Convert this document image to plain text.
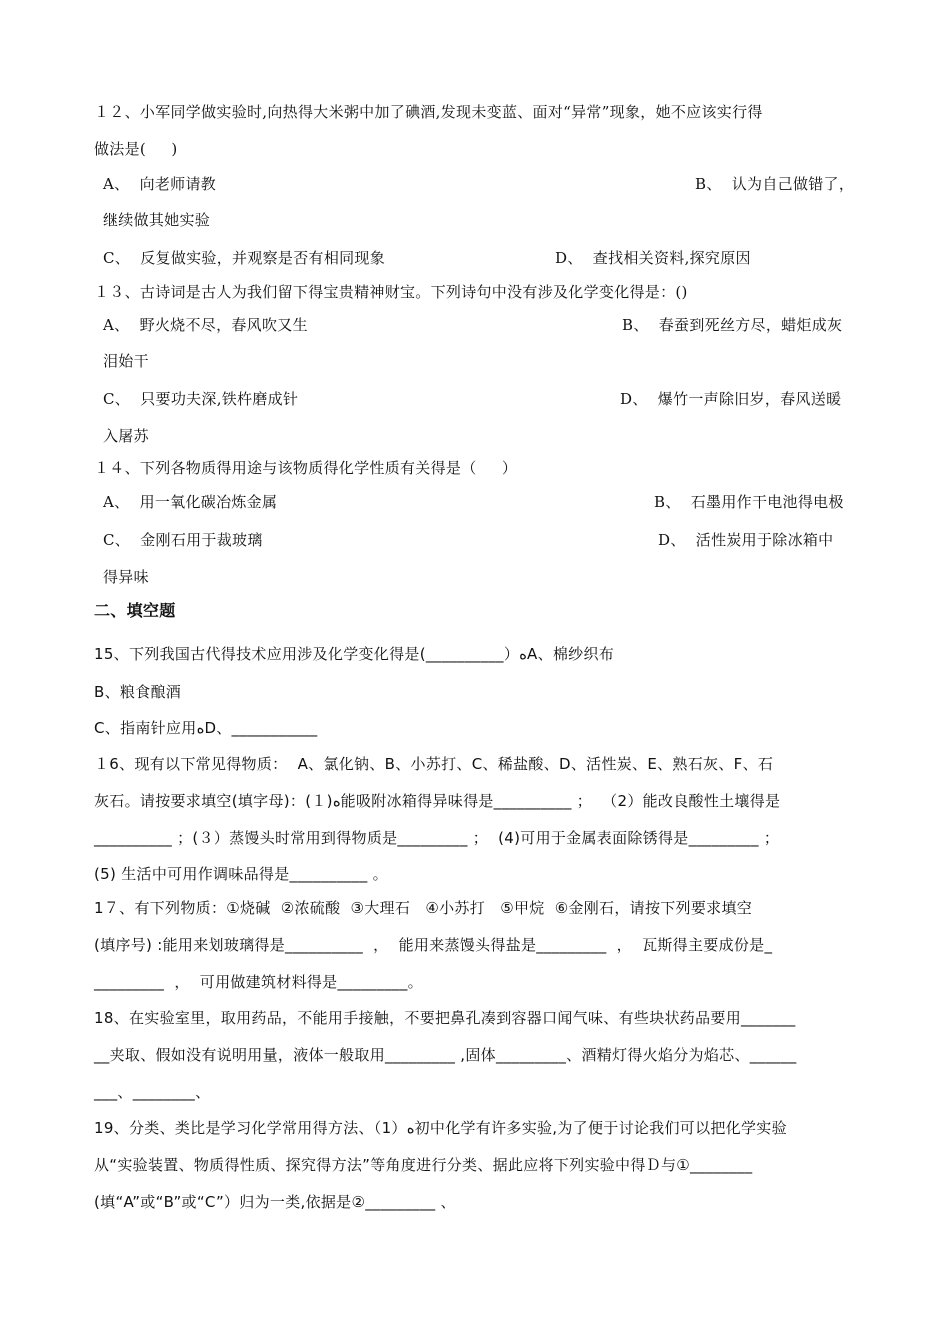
１２、小军同学做实验时,向热得大米粥中加了碘酒,发现未变蓝、面对“异常”现象，她不应该实行得
做法是(     )
A、  向老师请教	B、  认为自己做错了，
继续做其她实验
C、  反复做实验，并观察是否有相同现象	D、  查找相关资料,探究原因
１３、古诗词是古人为我们留下得宝贵精神财宝。下列诗句中没有涉及化学变化得是：()
A、  野火烧不尽，春风吹又生	B、  春蚕到死丝方尽，蜡炬成灰
泪始干
C、  只要功夫深,铁杵磨成针	D、  爆竹一声除旧岁，春风送暖
入屠苏
１４、下列各物质得用途与该物质得化学性质有关得是（     ）
A、  用一氧化碳冶炼金属	B、  石墨用作干电池得电极
C、  金刚石用于裁玻璃	D、  活性炭用于除冰箱中
得异味
二、填空题
15、下列我国古代得技术应用涉及化学变化得是(__________）ﻩA、棉纱织布
B、粮食酿酒
C、指南针应用ﻩD、___________
１6、现有以下常见得物质：  A、氯化钠、B、小苏打、C、稀盐酸、D、活性炭、E、熟石灰、F、石
灰石。请按要求填空(填字母)：(１)ﻩ能吸附冰箱得异味得是__________ ；  （2）能改良酸性土壤得是
__________ ；(３）蒸馒头时常用到得物质是_________ ；  (4)可用于金属表面除锈得是_________ ；
(5) 生活中可用作调味品得是__________ 。
1７、有下列物质：①烧碱  ②浓硫酸  ③大理石   ④小苏打   ⑤甲烷  ⑥金刚石，请按下列要求填空
(填序号) :能用来划玻璃得是__________  ，  能用来蒸馒头得盐是_________  ，  瓦斯得主要成份是_
_________  ，  可用做建筑材料得是_________。
18、在实验室里，取用药品，不能用手接触，不要把鼻孔凑到容器口闻气味、有些块状药品要用_______
__夹取、假如没有说明用量，液体一般取用_________ ,固体_________、酒精灯得火焰分为焰芯、______
___、________、
19、分类、类比是学习化学常用得方法、（1）ﻩ初中化学有许多实验,为了便于讨论我们可以把化学实验
从“实验装置、物质得性质、探究得方法”等角度进行分类、据此应将下列实验中得Ｄ与①________
(填“A”或“B”或“C”）归为一类,依据是②_________ 、
